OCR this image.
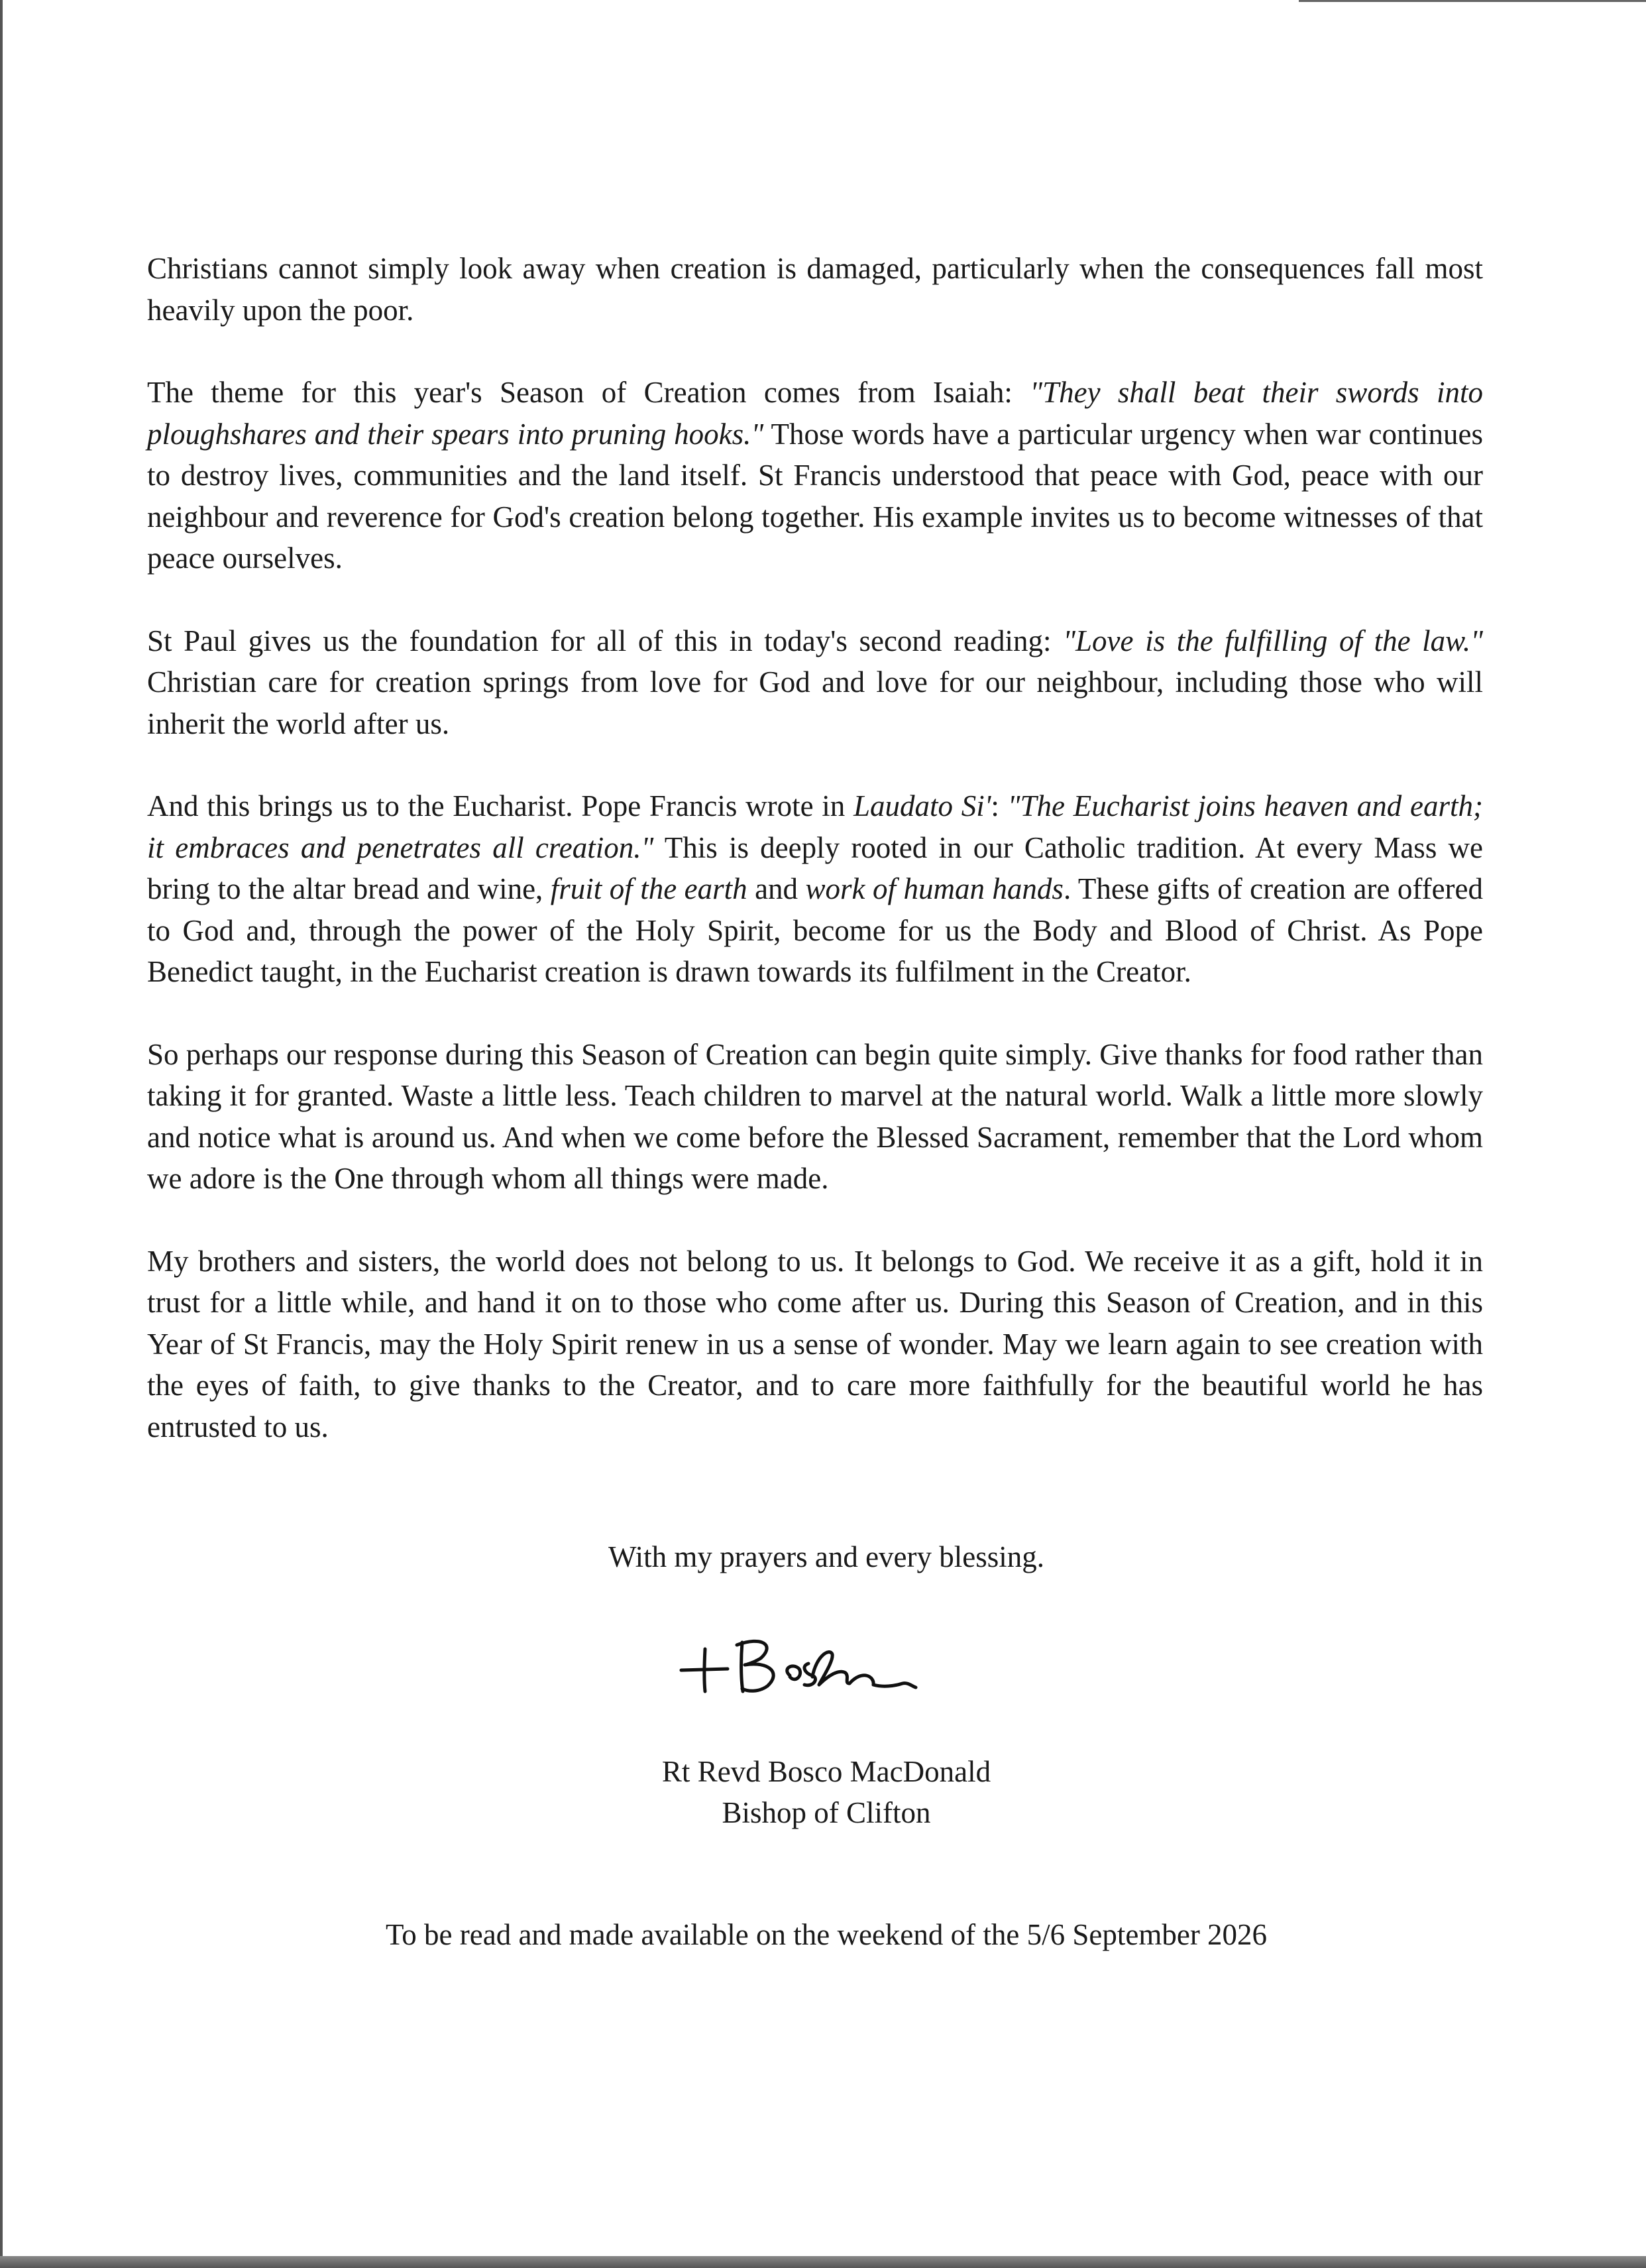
Christians cannot simply look away when creation is damaged, particularly when the consequences fall most heavily upon the poor.

The theme for this year's Season of Creation comes from Isaiah: "They shall beat their swords into ploughshares and their spears into pruning hooks." Those words have a particular urgency when war continues to destroy lives, communities and the land itself. St Francis understood that peace with God, peace with our neighbour and reverence for God's creation belong together. His example invites us to become witnesses of that peace ourselves.

St Paul gives us the foundation for all of this in today's second reading: "Love is the fulfilling of the law." Christian care for creation springs from love for God and love for our neighbour, including those who will inherit the world after us.

And this brings us to the Eucharist. Pope Francis wrote in Laudato Si': "The Eucharist joins heaven and earth; it embraces and penetrates all creation." This is deeply rooted in our Catholic tradition. At every Mass we bring to the altar bread and wine, fruit of the earth and work of human hands. These gifts of creation are offered to God and, through the power of the Holy Spirit, become for us the Body and Blood of Christ. As Pope Benedict taught, in the Eucharist creation is drawn towards its fulfilment in the Creator.

So perhaps our response during this Season of Creation can begin quite simply. Give thanks for food rather than taking it for granted. Waste a little less. Teach children to marvel at the natural world. Walk a little more slowly and notice what is around us. And when we come before the Blessed Sacrament, remember that the Lord whom we adore is the One through whom all things were made.

My brothers and sisters, the world does not belong to us. It belongs to God. We receive it as a gift, hold it in trust for a little while, and hand it on to those who come after us. During this Season of Creation, and in this Year of St Francis, may the Holy Spirit renew in us a sense of wonder. May we learn again to see creation with the eyes of faith, to give thanks to the Creator, and to care more faithfully for the beautiful world he has entrusted to us.

With my prayers and every blessing.

Rt Revd Bosco MacDonald

Bishop of Clifton

To be read and made available on the weekend of the 5/6 September 2026
